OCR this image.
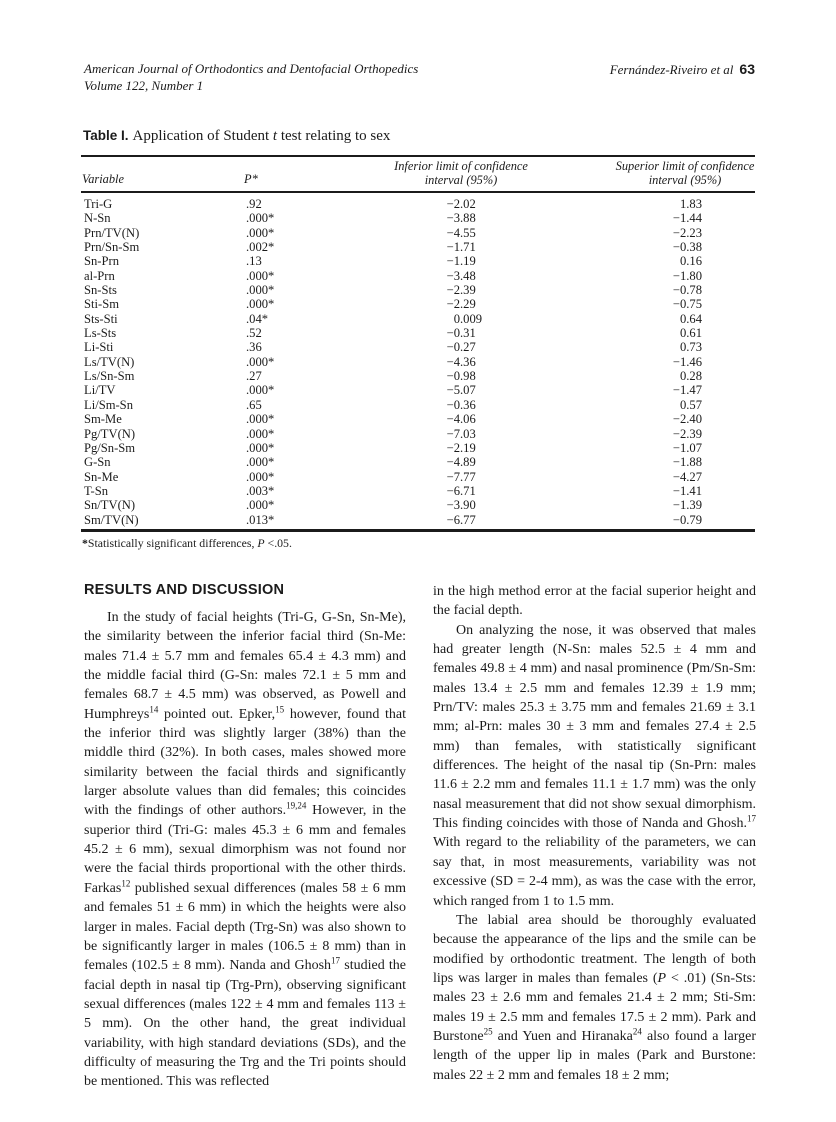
American Journal of Orthodontics and Dentofacial Orthopedics
Volume 122, Number 1
Fernández-Riveiro et al 63
Table I. Application of Student t test relating to sex
Variable	P*
Inferior limit of confidence interval (95%)
Superior limit of confidence interval (95%)
Tri-G	.92	−2.02	1.83
N-Sn	.000*	−3.88	−1.44
Prn/TV(N)	.000*	−4.55	−2.23
Prn/Sn-Sm	.002*	−1.71	−0.38
Sn-Prn	.13	−1.19	0.16
al-Prn	.000*	−3.48	−1.80
Sn-Sts	.000*	−2.39	−0.78
Sti-Sm	.000*	−2.29	−0.75
Sts-Sti	.04*	0.009	0.64
Ls-Sts	.52	−0.31	0.61
Li-Sti	.36	−0.27	0.73
Ls/TV(N)	.000*	−4.36	−1.46
Ls/Sn-Sm	.27	−0.98	0.28
Li/TV	.000*	−5.07	−1.47
Li/Sm-Sn	.65	−0.36	0.57
Sm-Me	.000*	−4.06	−2.40
Pg/TV(N)	.000*	−7.03	−2.39
Pg/Sn-Sm	.000*	−2.19	−1.07
G-Sn	.000*	−4.89	−1.88
Sn-Me	.000*	−7.77	−4.27
T-Sn	.003*	−6.71	−1.41
Sn/TV(N)	.000*	−3.90	−1.39
Sm/TV(N)	.013*	−6.77	−0.79
*Statistically significant differences, P <.05.
RESULTS AND DISCUSSION

In the study of facial heights (Tri-G, G-Sn, Sn-Me), the similarity between the inferior facial third (Sn-Me: males 71.4 ± 5.7 mm and females 65.4 ± 4.3 mm) and the middle facial third (G-Sn: males 72.1 ± 5 mm and females 68.7 ± 4.5 mm) was observed, as Powell and Humphreys$^{14}$ pointed out. Epker,$^{15}$ however, found that the inferior third was slightly larger (38%) than the middle third (32%). In both cases, males showed more similarity between the facial thirds and significantly larger absolute values than did females; this coincides with the findings of other authors.$^{19,24}$ However, in the superior third (Tri-G: males 45.3 ± 6 mm and females 45.2 ± 6 mm), sexual dimorphism was not found nor were the facial thirds proportional with the other thirds. Farkas$^{12}$ published sexual differences (males 58 ± 6 mm and females 51 ± 6 mm) in which the heights were also larger in males. Facial depth (Trg-Sn) was also shown to be significantly larger in males (106.5 ± 8 mm) than in females (102.5 ± 8 mm). Nanda and Ghosh$^{17}$ studied the facial depth in nasal tip (Trg-Prn), observing significant sexual differences (males 122 ± 4 mm and females 113 ± 5 mm). On the other hand, the great individual variability, with high standard deviations (SDs), and the difficulty of measuring the Trg and the Tri points should be mentioned. This was reflected

in the high method error at the facial superior height and the facial depth.

On analyzing the nose, it was observed that males had greater length (N-Sn: males 52.5 ± 4 mm and females 49.8 ± 4 mm) and nasal prominence (Pm/Sn-Sm: males 13.4 ± 2.5 mm and females 12.39 ± 1.9 mm; Prn/TV: males 25.3 ± 3.75 mm and females 21.69 ± 3.1 mm; al-Prn: males 30 ± 3 mm and females 27.4 ± 2.5 mm) than females, with statistically significant differences. The height of the nasal tip (Sn-Prn: males 11.6 ± 2.2 mm and females 11.1 ± 1.7 mm) was the only nasal measurement that did not show sexual dimorphism. This finding coincides with those of Nanda and Ghosh.$^{17}$ With regard to the reliability of the parameters, we can say that, in most measurements, variability was not excessive (SD = 2-4 mm), as was the case with the error, which ranged from 1 to 1.5 mm.

The labial area should be thoroughly evaluated because the appearance of the lips and the smile can be modified by orthodontic treatment. The length of both lips was larger in males than females (P < .01) (Sn-Sts: males 23 ± 2.6 mm and females 21.4 ± 2 mm; Sti-Sm: males 19 ± 2.5 mm and females 17.5 ± 2 mm). Park and Burstone$^{25}$ and Yuen and Hiranaka$^{24}$ also found a larger length of the upper lip in males (Park and Burstone: males 22 ± 2 mm and females 18 ± 2 mm;
